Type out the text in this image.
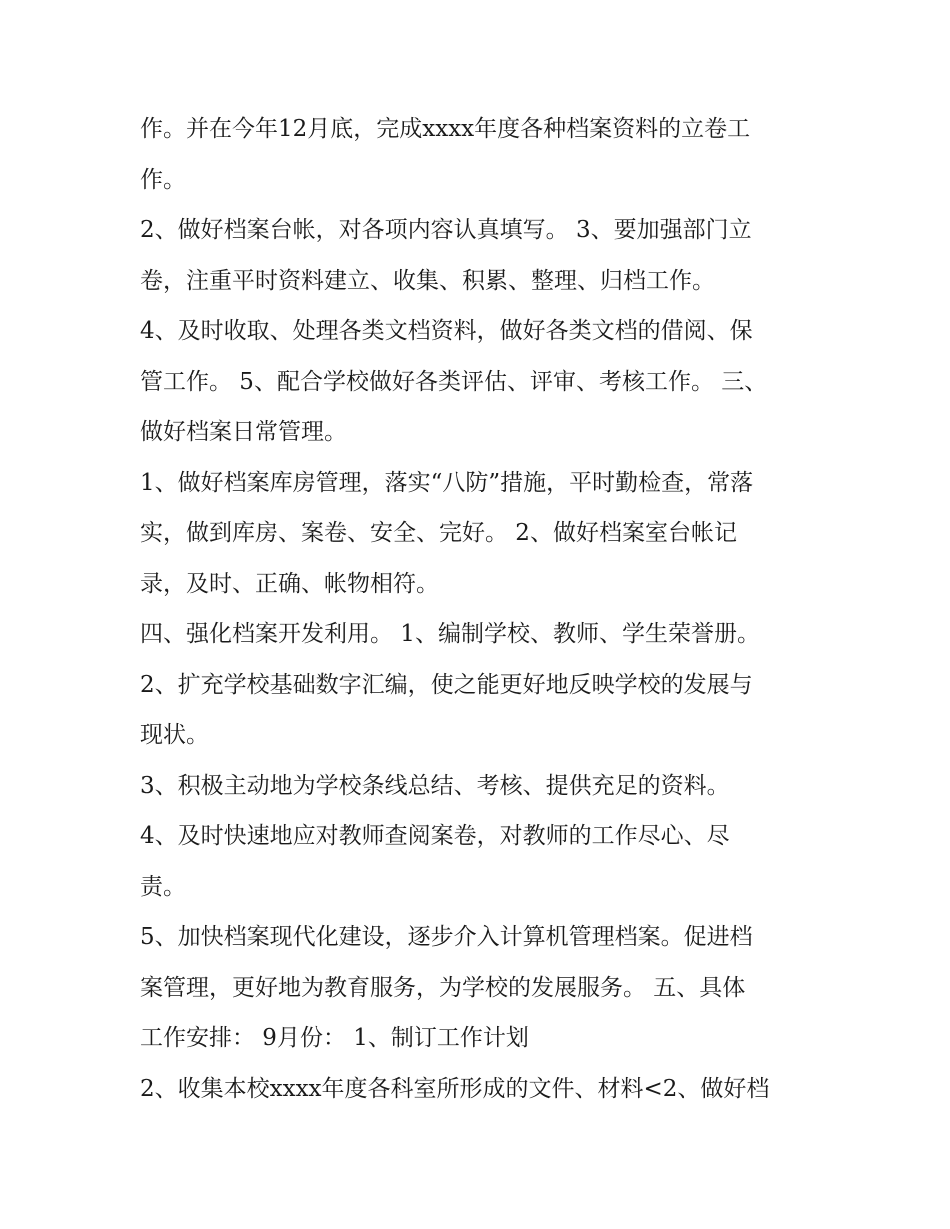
作。并在今年12月底，完成xxxx年度各种档案资料的立卷工
作。
2、做好档案台帐，对各项内容认真填写。 3、要加强部门立
卷，注重平时资料建立、收集、积累、整理、归档工作。
4、及时收取、处理各类文档资料，做好各类文档的借阅、保
管工作。 5、配合学校做好各类评估、评审、考核工作。 三、
做好档案日常管理。
1、做好档案库房管理，落实“八防”措施，平时勤检查，常落
实，做到库房、案卷、安全、完好。 2、做好档案室台帐记
录，及时、正确、帐物相符。
四、强化档案开发利用。 1、编制学校、教师、学生荣誉册。
2、扩充学校基础数字汇编，使之能更好地反映学校的发展与
现状。
3、积极主动地为学校条线总结、考核、提供充足的资料。
4、及时快速地应对教师查阅案卷，对教师的工作尽心、尽
责。
5、加快档案现代化建设，逐步介入计算机管理档案。促进档
案管理，更好地为教育服务，为学校的发展服务。 五、具体
工作安排： 9月份： 1、制订工作计划
2、收集本校xxxx年度各科室所形成的文件、材料<2、做好档
